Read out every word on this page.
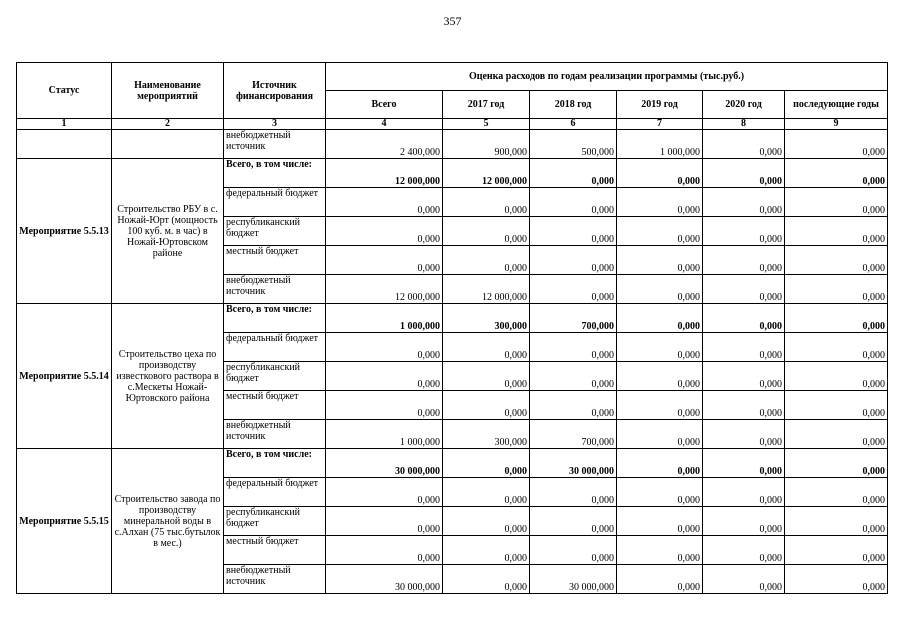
357
Статус	Наименование мероприятий	Источник финансирования	Оценка расходов по годам реализации программы (тыс.руб.)					
			Всего	2017 год	2018 год	2019 год	2020 год	последующие годы
1	2	3	4	5	6	7	8	9
		внебюджетный источник	2 400,000	900,000	500,000	1 000,000	0,000	0,000
Мероприятие 5.5.13	Строительство РБУ в с. Ножай-Юрт (мощность 100 куб. м. в час) в Ножай-Юртовском районе	Всего, в том числе:	12 000,000	12 000,000	0,000	0,000	0,000	0,000
		федеральный бюджет	0,000	0,000	0,000	0,000	0,000	0,000
		республиканский бюджет	0,000	0,000	0,000	0,000	0,000	0,000
		местный бюджет	0,000	0,000	0,000	0,000	0,000	0,000
		внебюджетный источник	12 000,000	12 000,000	0,000	0,000	0,000	0,000
Мероприятие 5.5.14	Строительство цеха по производству известкового раствора в с.Мескеты Ножай-Юртовского района	Всего, в том числе:	1 000,000	300,000	700,000	0,000	0,000	0,000
		федеральный бюджет	0,000	0,000	0,000	0,000	0,000	0,000
		республиканский бюджет	0,000	0,000	0,000	0,000	0,000	0,000
		местный бюджет	0,000	0,000	0,000	0,000	0,000	0,000
		внебюджетный источник	1 000,000	300,000	700,000	0,000	0,000	0,000
Мероприятие 5.5.15	Строительство завода по производству минеральной воды в с.Алхан (75 тыс.бутылок в мес.)	Всего, в том числе:	30 000,000	0,000	30 000,000	0,000	0,000	0,000
		федеральный бюджет	0,000	0,000	0,000	0,000	0,000	0,000
		республиканский бюджет	0,000	0,000	0,000	0,000	0,000	0,000
		местный бюджет	0,000	0,000	0,000	0,000	0,000	0,000
		внебюджетный источник	30 000,000	0,000	30 000,000	0,000	0,000	0,000
